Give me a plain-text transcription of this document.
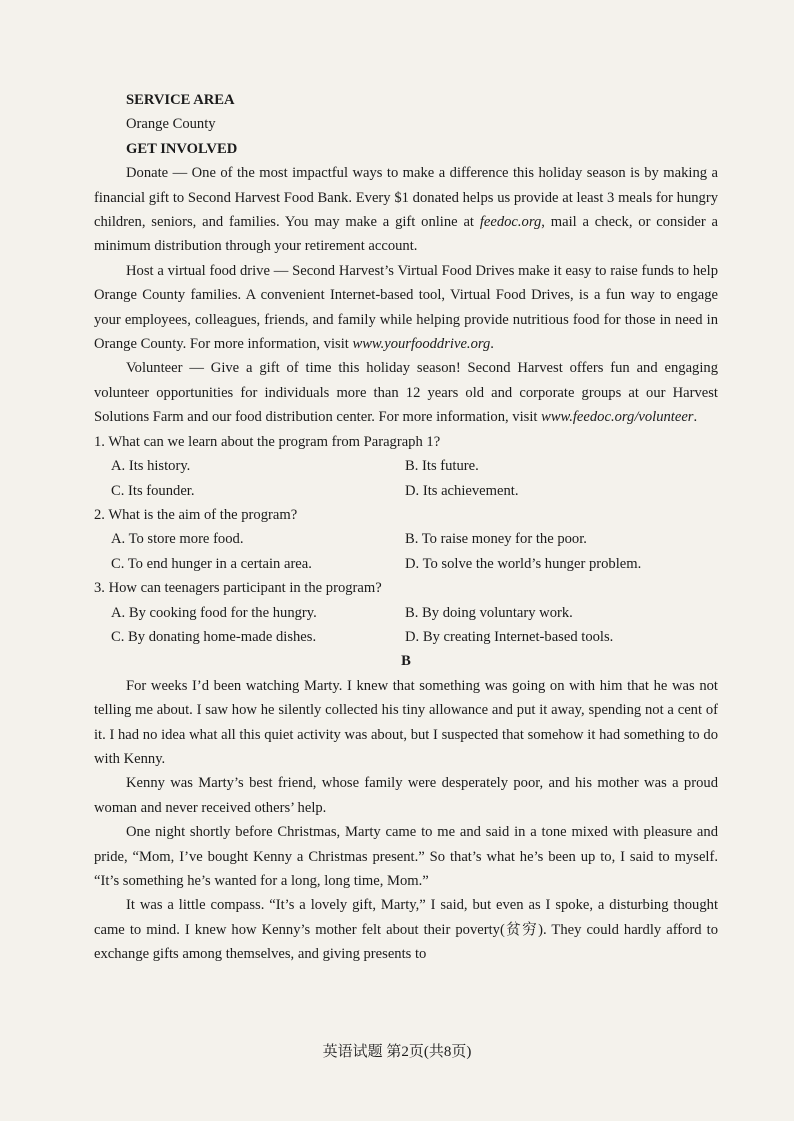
SERVICE AREA
Orange County
GET INVOLVED

Donate — One of the most impactful ways to make a difference this holiday season is by making a financial gift to Second Harvest Food Bank. Every $1 donated helps us provide at least 3 meals for hungry children, seniors, and families. You may make a gift online at feedoc.org, mail a check, or consider a minimum distribution through your retirement account.

Host a virtual food drive — Second Harvest’s Virtual Food Drives make it easy to raise funds to help Orange County families. A convenient Internet-based tool, Virtual Food Drives, is a fun way to engage your employees, colleagues, friends, and family while helping provide nutritious food for those in need in Orange County. For more information, visit www.yourfooddrive.org.

Volunteer — Give a gift of time this holiday season! Second Harvest offers fun and engaging volunteer opportunities for individuals more than 12 years old and corporate groups at our Harvest Solutions Farm and our food distribution center. For more information, visit www.feedoc.org/volunteer.

1. What can we learn about the program from Paragraph 1?
A. Its history.	B. Its future.
C. Its founder.	D. Its achievement.
2. What is the aim of the program?
A. To store more food.	B. To raise money for the poor.
C. To end hunger in a certain area.	D. To solve the world’s hunger problem.
3. How can teenagers participant in the program?
A. By cooking food for the hungry.	B. By doing voluntary work.
C. By donating home-made dishes.	D. By creating Internet-based tools.
B

For weeks I’d been watching Marty. I knew that something was going on with him that he was not telling me about. I saw how he silently collected his tiny allowance and put it away, spending not a cent of it. I had no idea what all this quiet activity was about, but I suspected that somehow it had something to do with Kenny.

Kenny was Marty’s best friend, whose family were desperately poor, and his mother was a proud woman and never received others’ help.

One night shortly before Christmas, Marty came to me and said in a tone mixed with pleasure and pride, “Mom, I’ve bought Kenny a Christmas present.” So that’s what he’s been up to, I said to myself. “It’s something he’s wanted for a long, long time, Mom.”

It was a little compass. “It’s a lovely gift, Marty,” I said, but even as I spoke, a disturbing thought came to mind. I knew how Kenny’s mother felt about their poverty(贫穷). They could hardly afford to exchange gifts among themselves, and giving presents to

英语试题 第2页(共8页)
